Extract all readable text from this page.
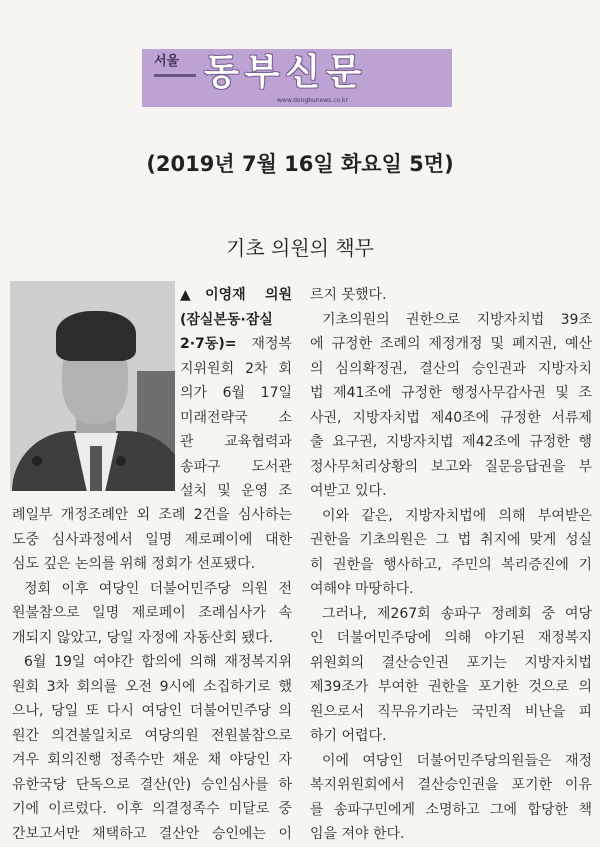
서울 동부신문
www.dongbunews.co.kr
(2019년 7월 16일 화요일 5면)
기초 의원의 책무
▲이영재 의원
(잠실본동·잠실
2·7동)= 재정복
지위원회 2차 회
의가 6월 17일
미래전략국 소
관 교육협력과
송파구 도서관
설치 및 운영 조
례일부 개정조례안 외 조례 2건을 심사하는
도중 심사과정에서 일명 제로페이에 대한
심도 깊은 논의를 위해 정회가 선포됐다.
정회 이후 여당인 더불어민주당 의원 전
원불참으로 일명 제로페이 조례심사가 속
개되지 않았고, 당일 자정에 자동산회 됐다.
6월 19일 여야간 합의에 의해 재정복지위
원회 3차 회의를 오전 9시에 소집하기로 했
으나, 당일 또 다시 여당인 더불어민주당 의
원간 의견불일치로 여당의원 전원불참으로
겨우 회의진행 정족수만 채운 채 야당인 자
유한국당 단독으로 결산(안) 승인심사를 하
기에 이르렀다. 이후 의결정족수 미달로 중
간보고서만 채택하고 결산안 승인에는 이
르지 못했다.
기초의원의 권한으로 지방자치법 39조
에 규정한 조례의 제정개정 및 폐지권, 예산
의 심의확정권, 결산의 승인권과 지방자치
법 제41조에 규정한 행정사무감사권 및 조
사권, 지방자치법 제40조에 규정한 서류제
출 요구권, 지방자치법 제42조에 규정한 행
정사무처리상황의 보고와 질문응답권을 부
여받고 있다.
이와 같은, 지방자치법에 의해 부여받은
권한을 기초의원은 그 법 취지에 맞게 성실
히 권한을 행사하고, 주민의 복리증진에 기
여해야 마땅하다.
그러나, 제267회 송파구 정례회 중 여당
인 더불어민주당에 의해 야기된 재정복지
위원회의 결산승인권 포기는 지방자치법
제39조가 부여한 권한을 포기한 것으로 의
원으로서 직무유기라는 국민적 비난을 피
하기 어렵다.
이에 여당인 더불어민주당의원들은 재정
복지위원회에서 결산승인권을 포기한 이유
를 송파구민에게 소명하고 그에 합당한 책
임을 져야 한다.
